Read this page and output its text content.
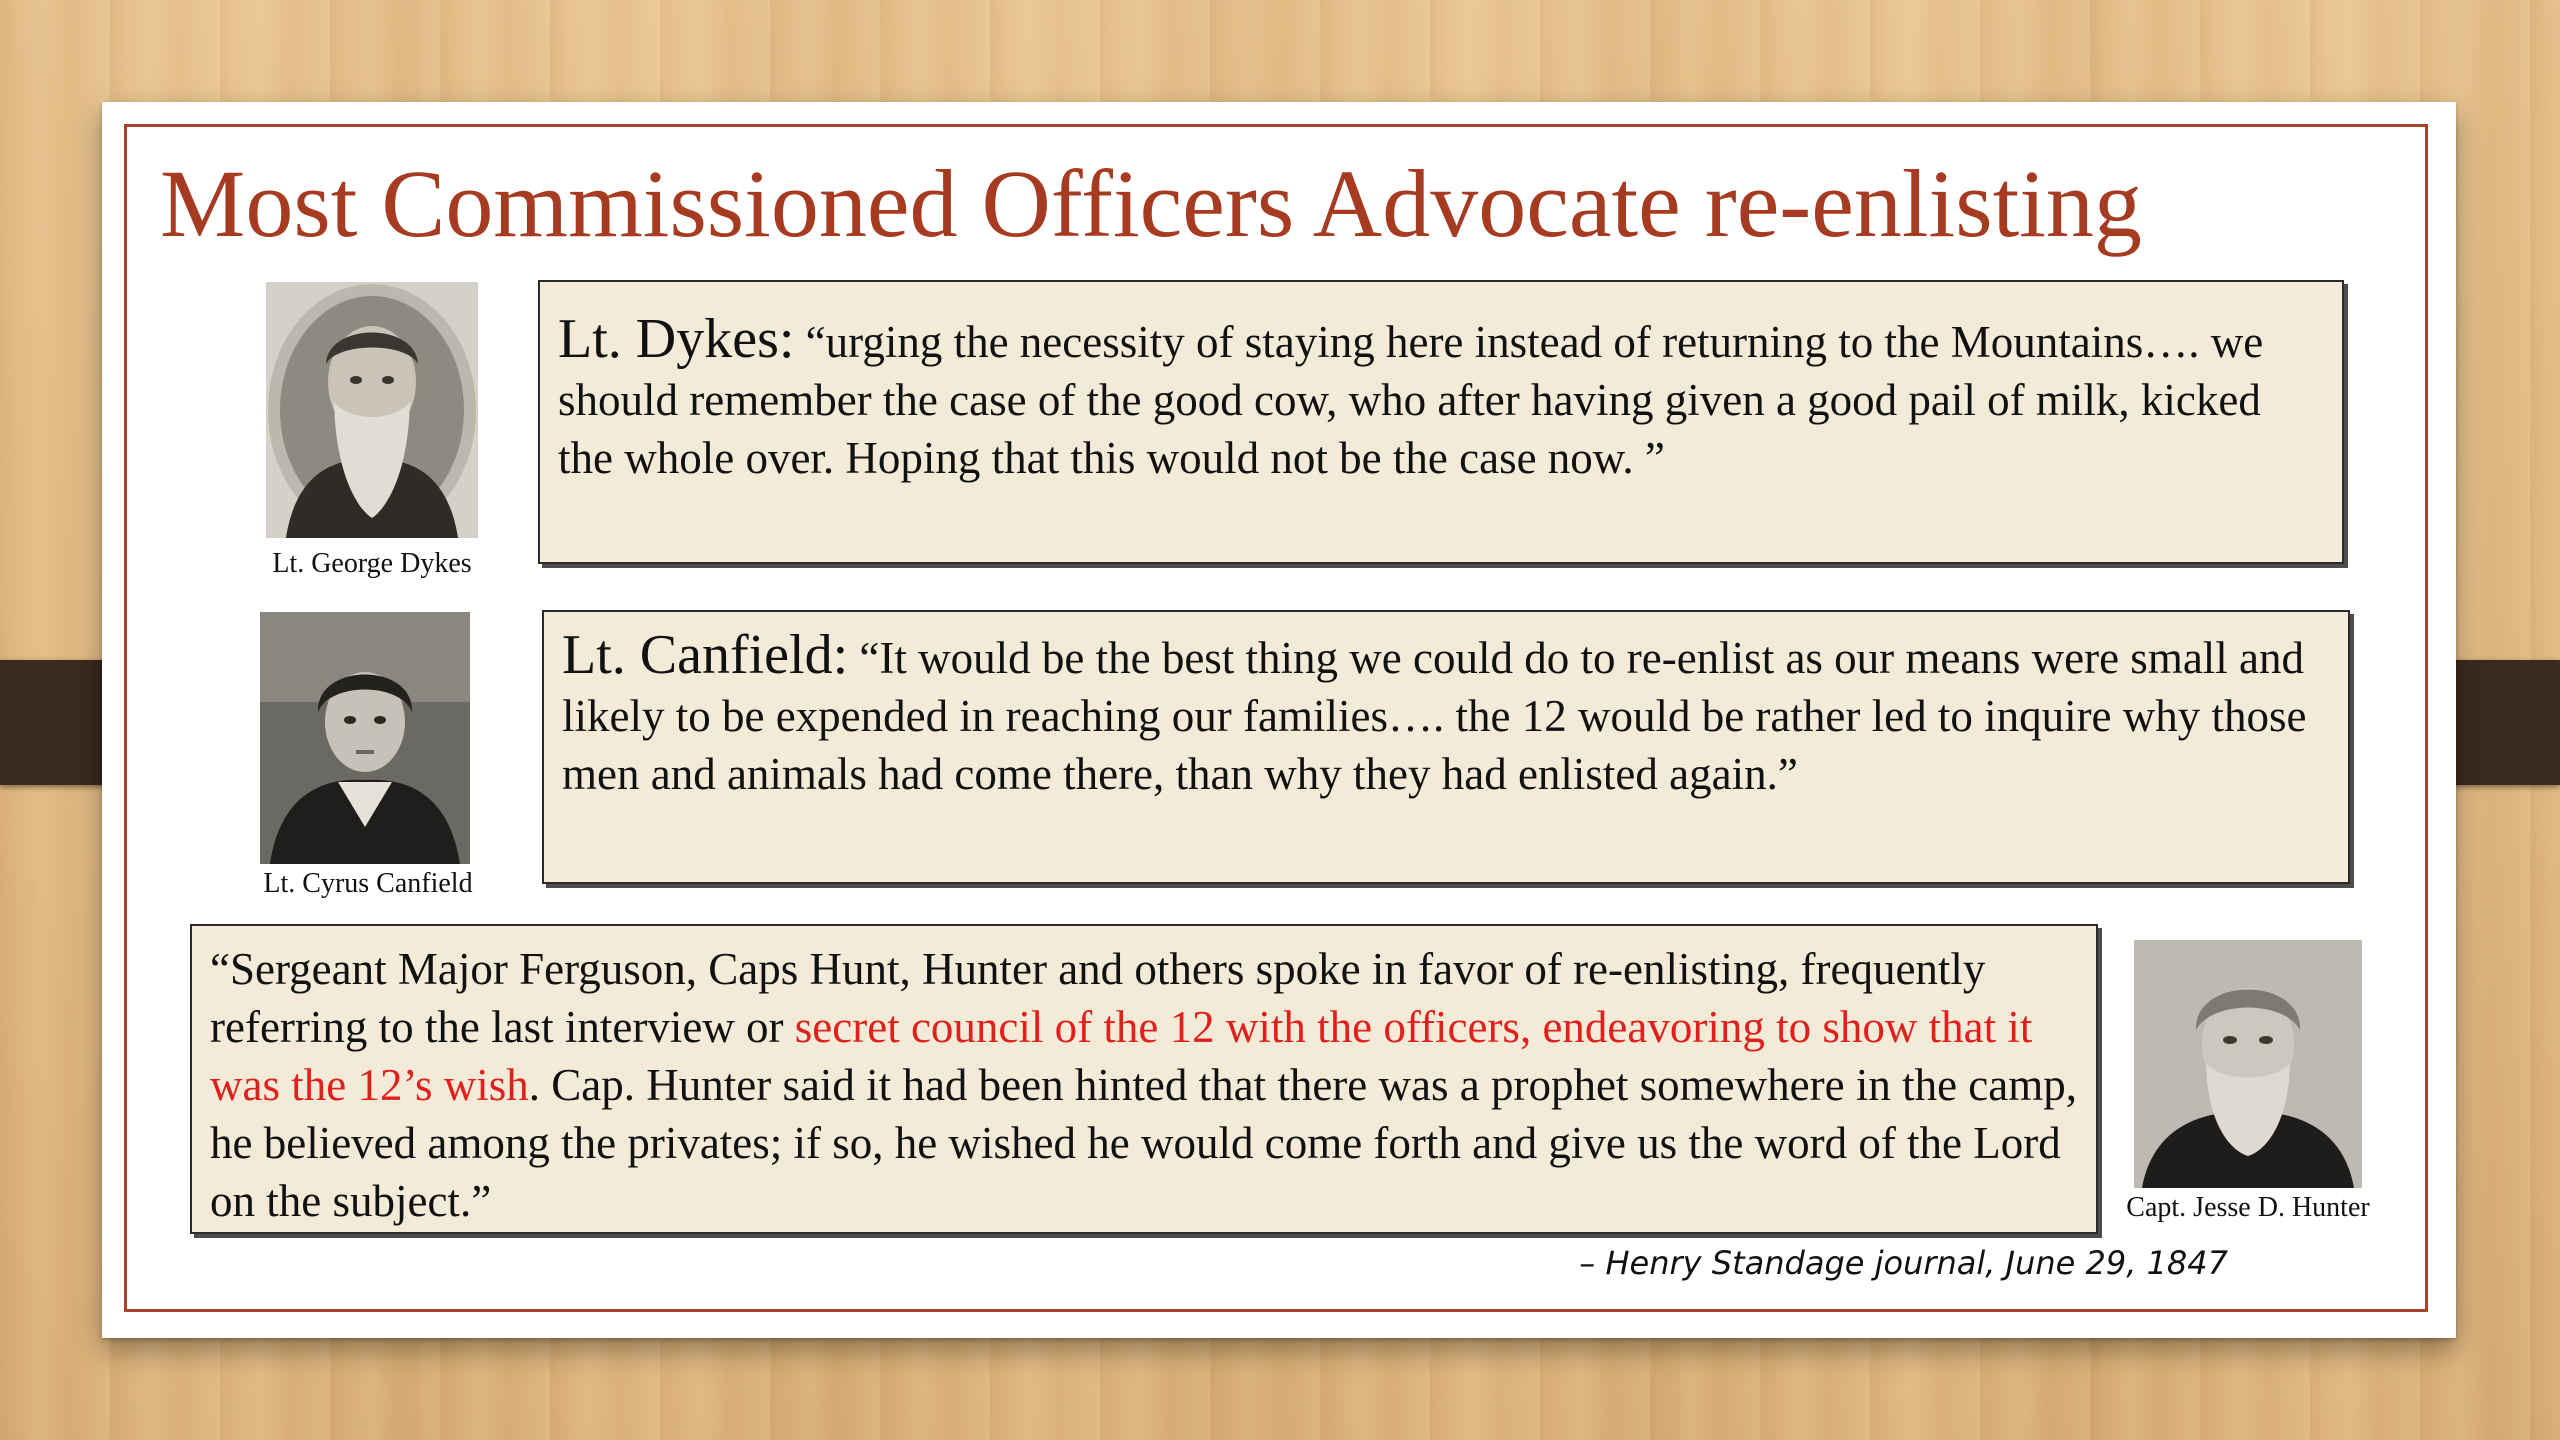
Most Commissioned Officers Advocate re-enlisting
Lt. George Dykes
Lt. Cyrus Canfield
Capt. Jesse D. Hunter
Lt. Dykes: “urging the necessity of staying here instead of returning to the Mountains…. we should remember the case of the good cow, who after having given a good pail of milk, kicked the whole over. Hoping that this would not be the case now. ”
Lt. Canfield: “It would be the best thing we could do to re-enlist as our means were small and likely to be expended in reaching our families…. the 12 would be rather led to inquire why those men and animals had come there, than why they had enlisted again.”
“Sergeant Major Ferguson, Caps Hunt, Hunter and others spoke in favor of re-enlisting, frequently referring to the last interview or secret council of the 12 with the officers, endeavoring to show that it was the 12’s wish. Cap. Hunter said it had been hinted that there was a prophet somewhere in the camp, he believed among the privates; if so, he wished he would come forth and give us the word of the Lord on the subject.”
– Henry Standage journal, June 29, 1847
